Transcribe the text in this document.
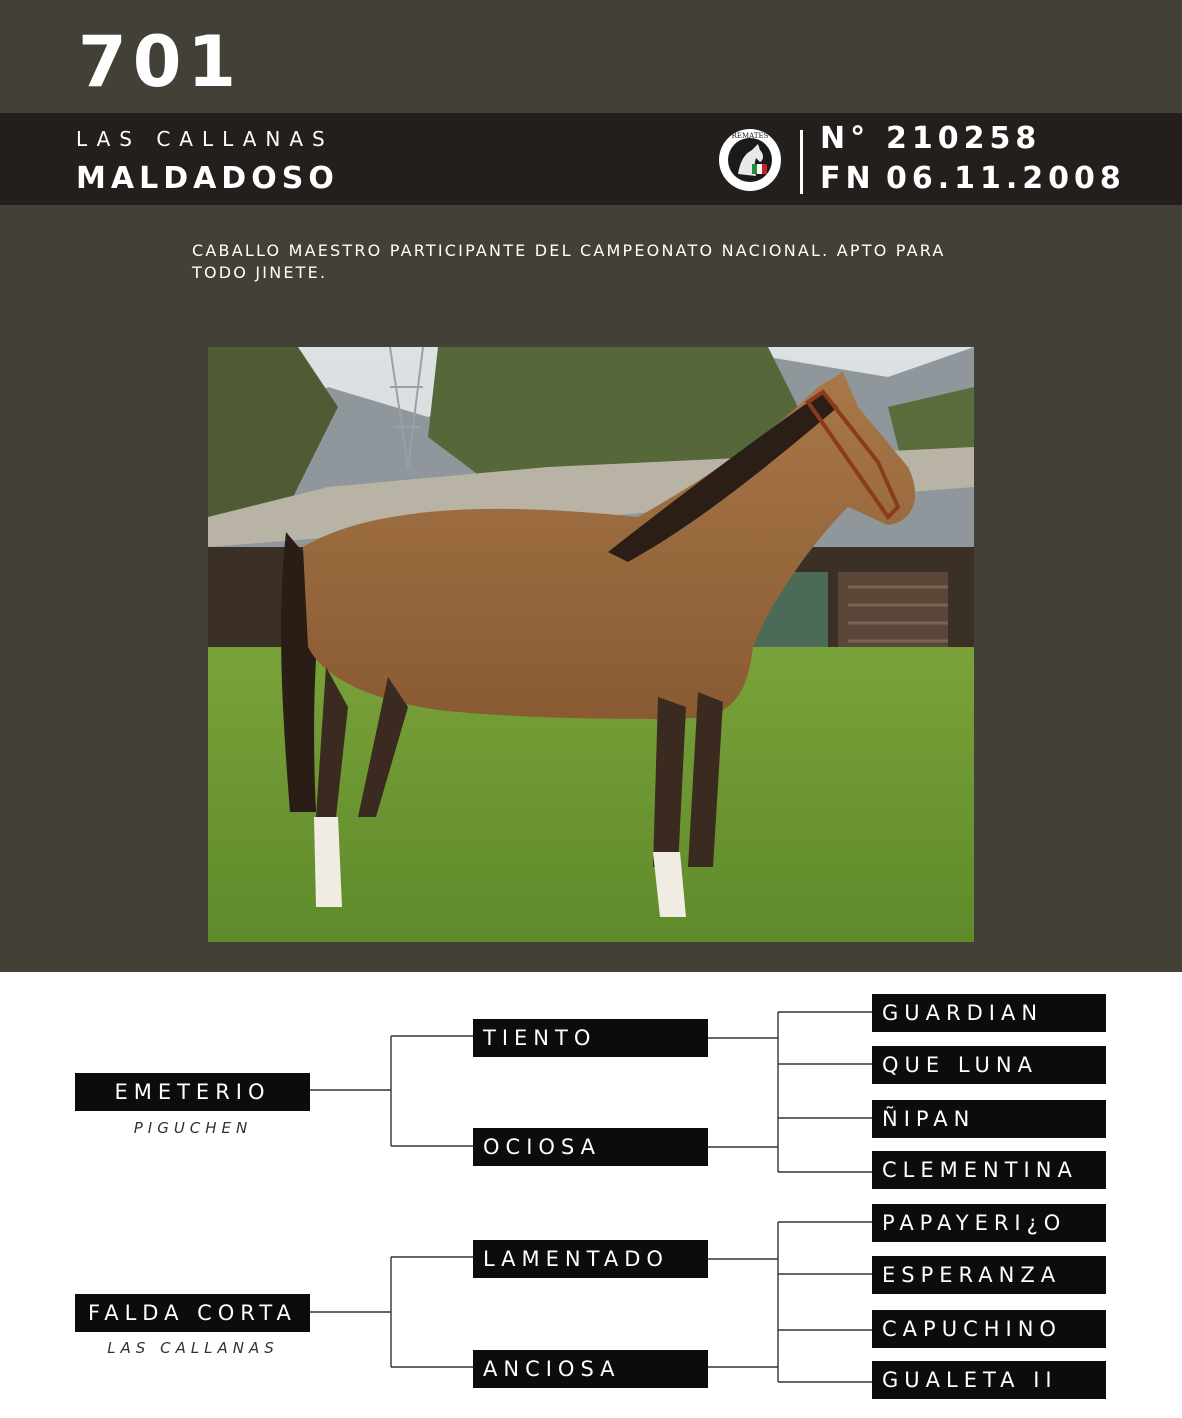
701
LAS CALLANAS
MALDADOSO
REMATES N° 210258
FN 06.11.2008
CABALLO MAESTRO PARTICIPANTE DEL CAMPEONATO NACIONAL. APTO PARA TODO JINETE.
EMETERIO
PIGUCHEN
FALDA CORTA
LAS CALLANAS
TIENTO
OCIOSA
LAMENTADO
ANCIOSA
GUARDIAN
QUE LUNA
ÑIPAN
CLEMENTINA
PAPAYERI¿O
ESPERANZA
CAPUCHINO
GUALETA II
